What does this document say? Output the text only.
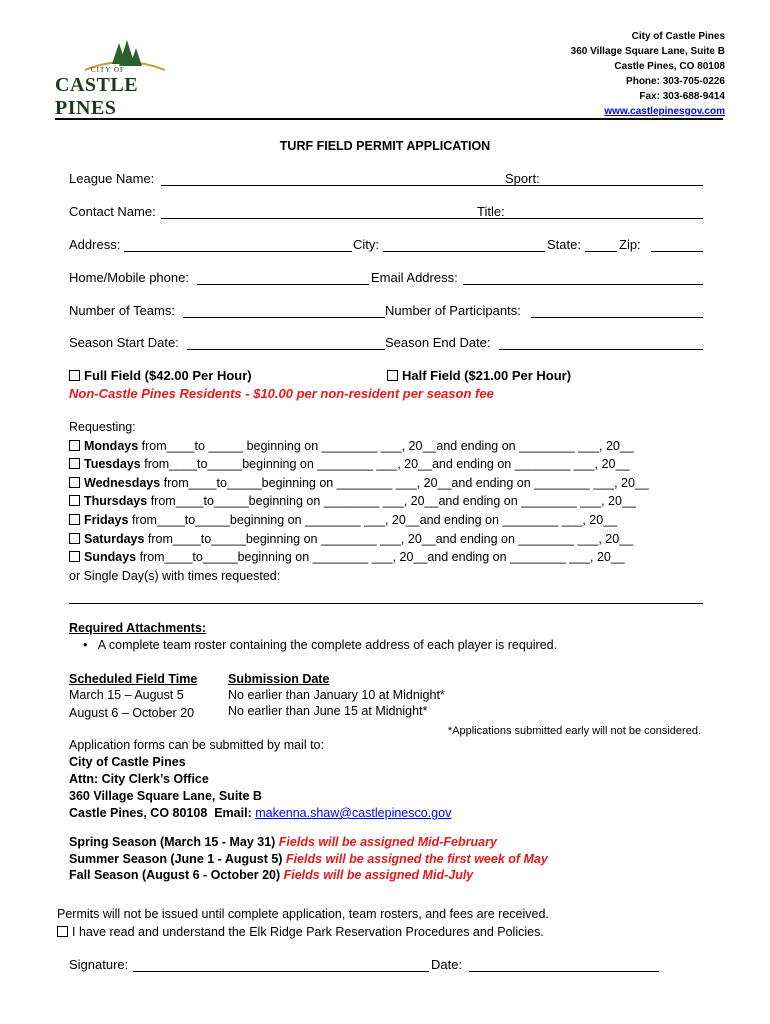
CITY OF
CASTLE PINES
City of Castle Pines
360 Village Square Lane, Suite B
Castle Pines, CO 80108
Phone: 303-705-0226
Fax: 303-688-9414
www.castlepinesgov.com
TURF FIELD PERMIT APPLICATION
League Name:	Sport:
Contact Name:	Title:
Address:	City:	State:	Zip:
Home/Mobile phone:	Email Address:
Number of Teams:	Number of Participants:
Season Start Date:	Season End Date:
Full Field ($42.00 Per Hour)	Half Field ($21.00 Per Hour)
Non-Castle Pines Residents - $10.00 per non-resident per season fee
Requesting:
Mondays from____to _____ beginning on ________ ___, 20__and ending on ________ ___, 20__
Tuesdays from____to_____beginning on ________ ___, 20__and ending on ________ ___, 20__
Wednesdays from____to_____beginning on ________ ___, 20__and ending on ________ ___, 20__
Thursdays from____to_____beginning on ________ ___, 20__and ending on ________ ___, 20__
Fridays from____to_____beginning on ________ ___, 20__and ending on ________ ___, 20__
Saturdays from____to_____beginning on ________ ___, 20__and ending on ________ ___, 20__
Sundays from____to_____beginning on ________ ___, 20__and ending on ________ ___, 20__
or Single Day(s) with times requested:
Required Attachments:
•   A complete team roster containing the complete address of each player is required.
Scheduled Field Time Submission Date
March 15 – August 5	No earlier than January 10 at Midnight*
August 6 – October 20	No earlier than June 15 at Midnight*
*Applications submitted early will not be considered.
Application forms can be submitted by mail to:
City of Castle Pines
Attn: City Clerk’s Office
360 Village Square Lane, Suite B
Castle Pines, CO 80108  Email: makenna.shaw@castlepinesco.gov
Spring Season (March 15 - May 31) Fields will be assigned Mid-February
Summer Season (June 1 - August 5) Fields will be assigned the first week of May
Fall Season (August 6 - October 20) Fields will be assigned Mid-July
Permits will not be issued until complete application, team rosters, and fees are received.
I have read and understand the Elk Ridge Park Reservation Procedures and Policies.
Signature:	Date:
